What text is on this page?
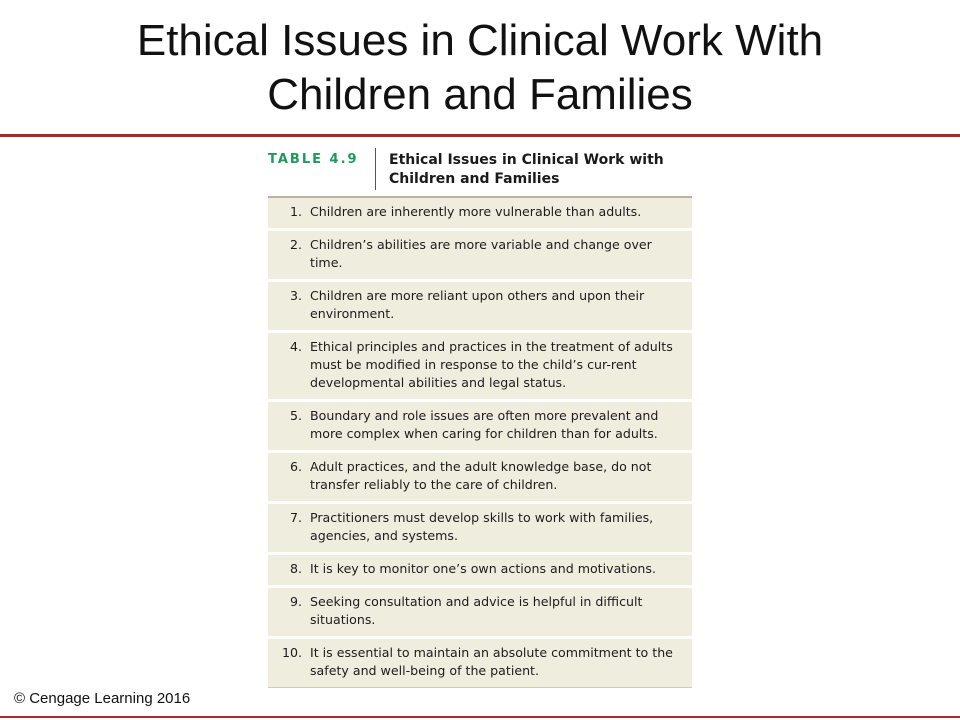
Ethical Issues in Clinical Work With
Children and Families
TABLE 4.9 Ethical Issues in Clinical Work with
Children and Families
1. Children are inherently more vulnerable than adults.
2. Children’s abilities are more variable and change over time.
3. Children are more reliant upon others and upon their environment.
4. Ethical principles and practices in the treatment of adults must be modified in response to the child’s cur-rent developmental abilities and legal status.
5. Boundary and role issues are often more prevalent and more complex when caring for children than for adults.
6. Adult practices, and the adult knowledge base, do not transfer reliably to the care of children.
7. Practitioners must develop skills to work with families, agencies, and systems.
8. It is key to monitor one’s own actions and motivations.
9. Seeking consultation and advice is helpful in difficult situations.
10. It is essential to maintain an absolute commitment to the safety and well-being of the patient.
© Cengage Learning 2016
